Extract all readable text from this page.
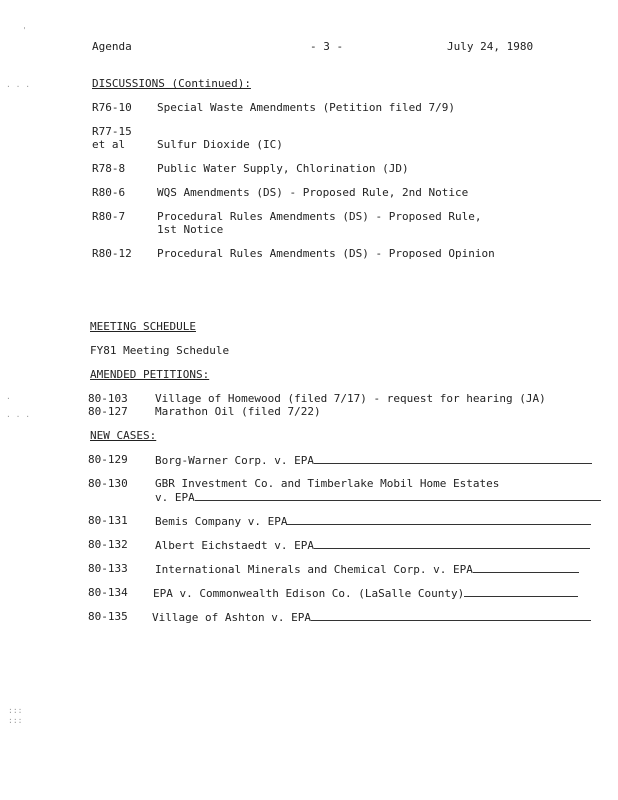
'
. . .
.
. . .
:::
:::
Agenda	- 3 -	July 24, 1980
DISCUSSIONS (Continued):
R76-10 Special Waste Amendments (Petition filed 7/9)
R77-15
et al	Sulfur Dioxide (IC)
R78-8	Public Water Supply, Chlorination (JD)
R80-6	WQS Amendments (DS) - Proposed Rule, 2nd Notice
R80-7	Procedural Rules Amendments (DS) - Proposed Rule,
1st Notice
R80-12 Procedural Rules Amendments (DS) - Proposed Opinion
MEETING SCHEDULE
FY81 Meeting Schedule
AMENDED PETITIONS:
80-103 Village of Homewood (filed 7/17) - request for hearing (JA)
80-127 Marathon Oil (filed 7/22)
NEW CASES:
80-129 Borg-Warner Corp. v. EPA
80-130 GBR Investment Co. and Timberlake Mobil Home Estates
v. EPA
80-131 Bemis Company v. EPA
80-132 Albert Eichstaedt v. EPA
80-133 International Minerals and Chemical Corp. v. EPA
80-134 EPA v. Commonwealth Edison Co. (LaSalle County)
80-135 Village of Ashton v. EPA
